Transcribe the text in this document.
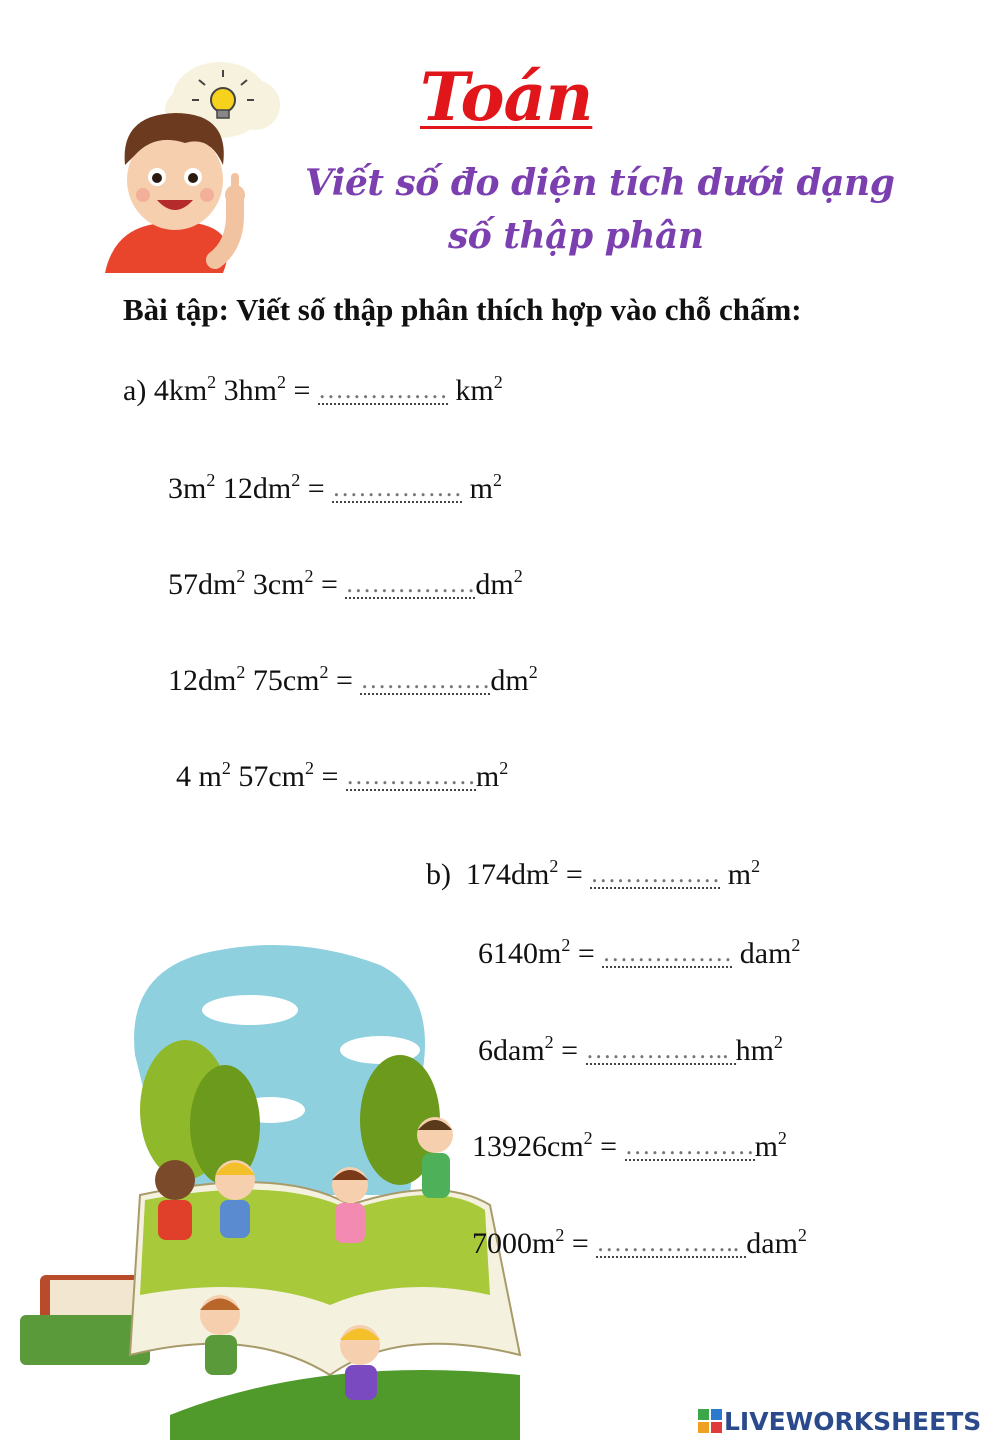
Toán
Viết số đo diện tích dưới dạng
số thập phân
Bài tập: Viết số thập phân thích hợp vào chỗ chấm:
a) $4km^2$ $3hm^2$ = ……………..	$km^2$
$3m^2$ $12dm^2$ = ……………..	$m^2$
$57dm^2$ $3cm^2$ = ……………..	$dm^2$
$12dm^2$ $75cm^2$ = ……………..	$dm^2$
4 $m^2$ $57cm^2$ = ……………..	$m^2$
b) $174dm^2$ = ……………..	$m^2$
$6140m^2$ = ……………..	dam$^2$
6dam$^2$ = ……………..	$hm^2$
$13926cm^2$ = ……………..	$m^2$
$7000m^2$ = ……………..	dam$^2$
LIVEWORKSHEETS
